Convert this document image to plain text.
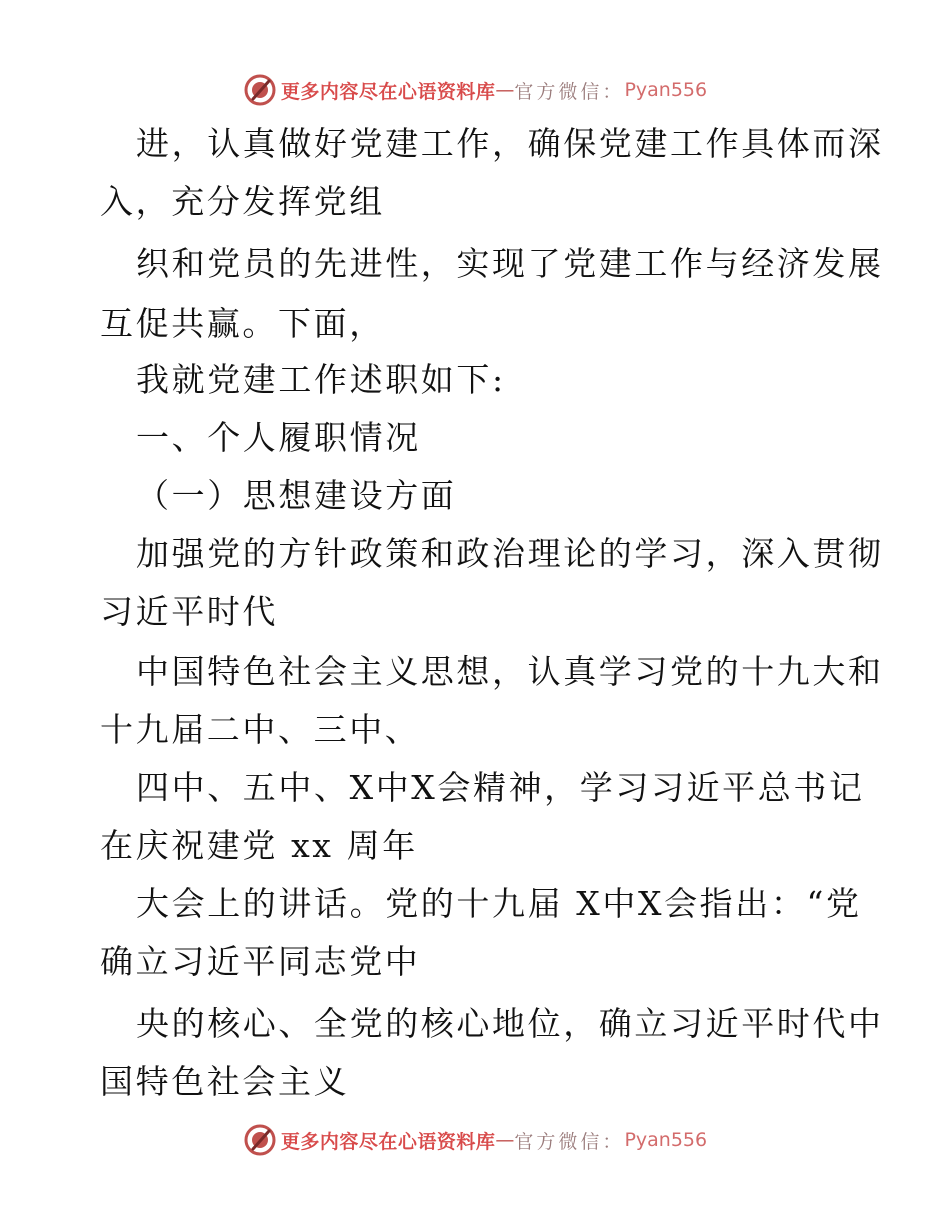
更多内容尽在心语资料库 — 官方微信： Pyan556
进，认真做好党建工作，确保党建工作具体而深
入，充分发挥党组
织和党员的先进性，实现了党建工作与经济发展
互促共赢。下面，
我就党建工作述职如下:
一、个人履职情况
（一）思想建设方面
加强党的方针政策和政治理论的学习，深入贯彻
习近平时代
中国特色社会主义思想，认真学习党的十九大和
十九届二中、三中、
四中、五中、X中X会精神，学习习近平总书记
在庆祝建党 xx 周年
大会上的讲话。党的十九届 X中X会指出：“党
确立习近平同志党中
央的核心、全党的核心地位，确立习近平时代中
国特色社会主义
更多内容尽在心语资料库 — 官方微信： Pyan556
